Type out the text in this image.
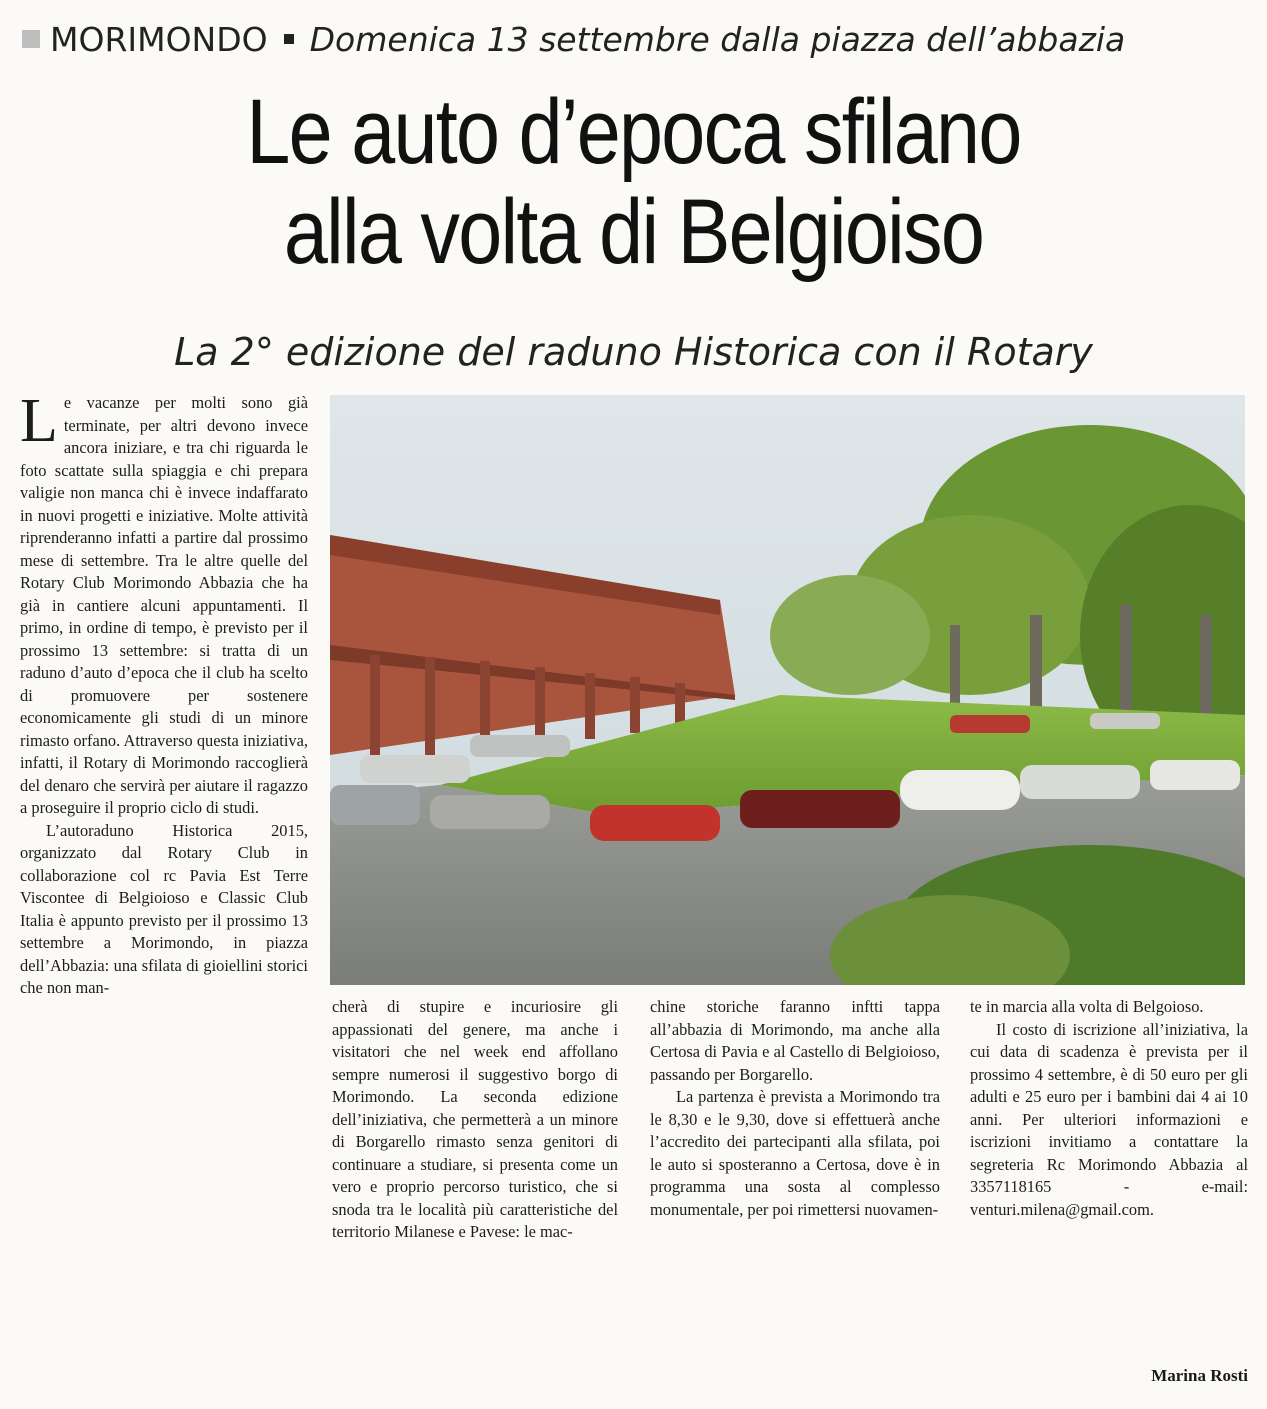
MORIMONDO Domenica 13 settembre dalla piazza dell’abbazia
Le auto d’epoca sfilano
alla volta di Belgioiso
La 2° edizione del raduno Historica con il Rotary

Le vacanze per molti sono già terminate, per altri devono invece ancora iniziare, e tra chi riguarda le foto scattate sulla spiaggia e chi prepara valigie non manca chi è invece indaffarato in nuovi progetti e iniziative. Molte attività riprenderanno infatti a partire dal prossimo mese di settembre. Tra le altre quelle del Rotary Club Morimondo Abbazia che ha già in cantiere alcuni appuntamenti. Il primo, in ordine di tempo, è previsto per il prossimo 13 settembre: si tratta di un raduno d’auto d’epoca che il club ha scelto di promuovere per sostenere economicamente gli studi di un minore rimasto orfano. Attraverso questa iniziativa, infatti, il Rotary di Morimondo raccoglierà del denaro che servirà per aiutare il ragazzo a proseguire il proprio ciclo di studi.

L’autoraduno Historica 2015, organizzato dal Rotary Club in collaborazione col rc Pavia Est Terre Viscontee di Belgioioso e Classic Club Italia è appunto previsto per il prossimo 13 settembre a Morimondo, in piazza dell’Abbazia: una sfilata di gioiellini storici che non man-

cherà di stupire e incuriosire gli appassionati del genere, ma anche i visitatori che nel week end affollano sempre numerosi il suggestivo borgo di Morimondo. La seconda edizione dell’iniziativa, che permetterà a un minore di Borgarello rimasto senza genitori di continuare a studiare, si presenta come un vero e proprio percorso turistico, che si snoda tra le località più caratteristiche del territorio Milanese e Pavese: le mac-

chine storiche faranno inftti tappa all’abbazia di Morimondo, ma anche alla Certosa di Pavia e al Castello di Belgioioso, passando per Borgarello.

La partenza è prevista a Morimondo tra le 8,30 e le 9,30, dove si effettuerà anche l’accredito dei partecipanti alla sfilata, poi le auto si sposteranno a Certosa, dove è in programma una sosta al complesso monumentale, per poi rimettersi nuovamen-

te in marcia alla volta di Belgoioso.

Il costo di iscrizione all’iniziativa, la cui data di scadenza è prevista per il prossimo 4 settembre, è di 50 euro per gli adulti e 25 euro per i bambini dai 4 ai 10 anni. Per ulteriori informazioni e iscrizioni invitiamo a contattare la segreteria Rc Morimondo Abbazia al 3357118165 - e-mail: venturi.milena@gmail.com.

Marina Rosti
